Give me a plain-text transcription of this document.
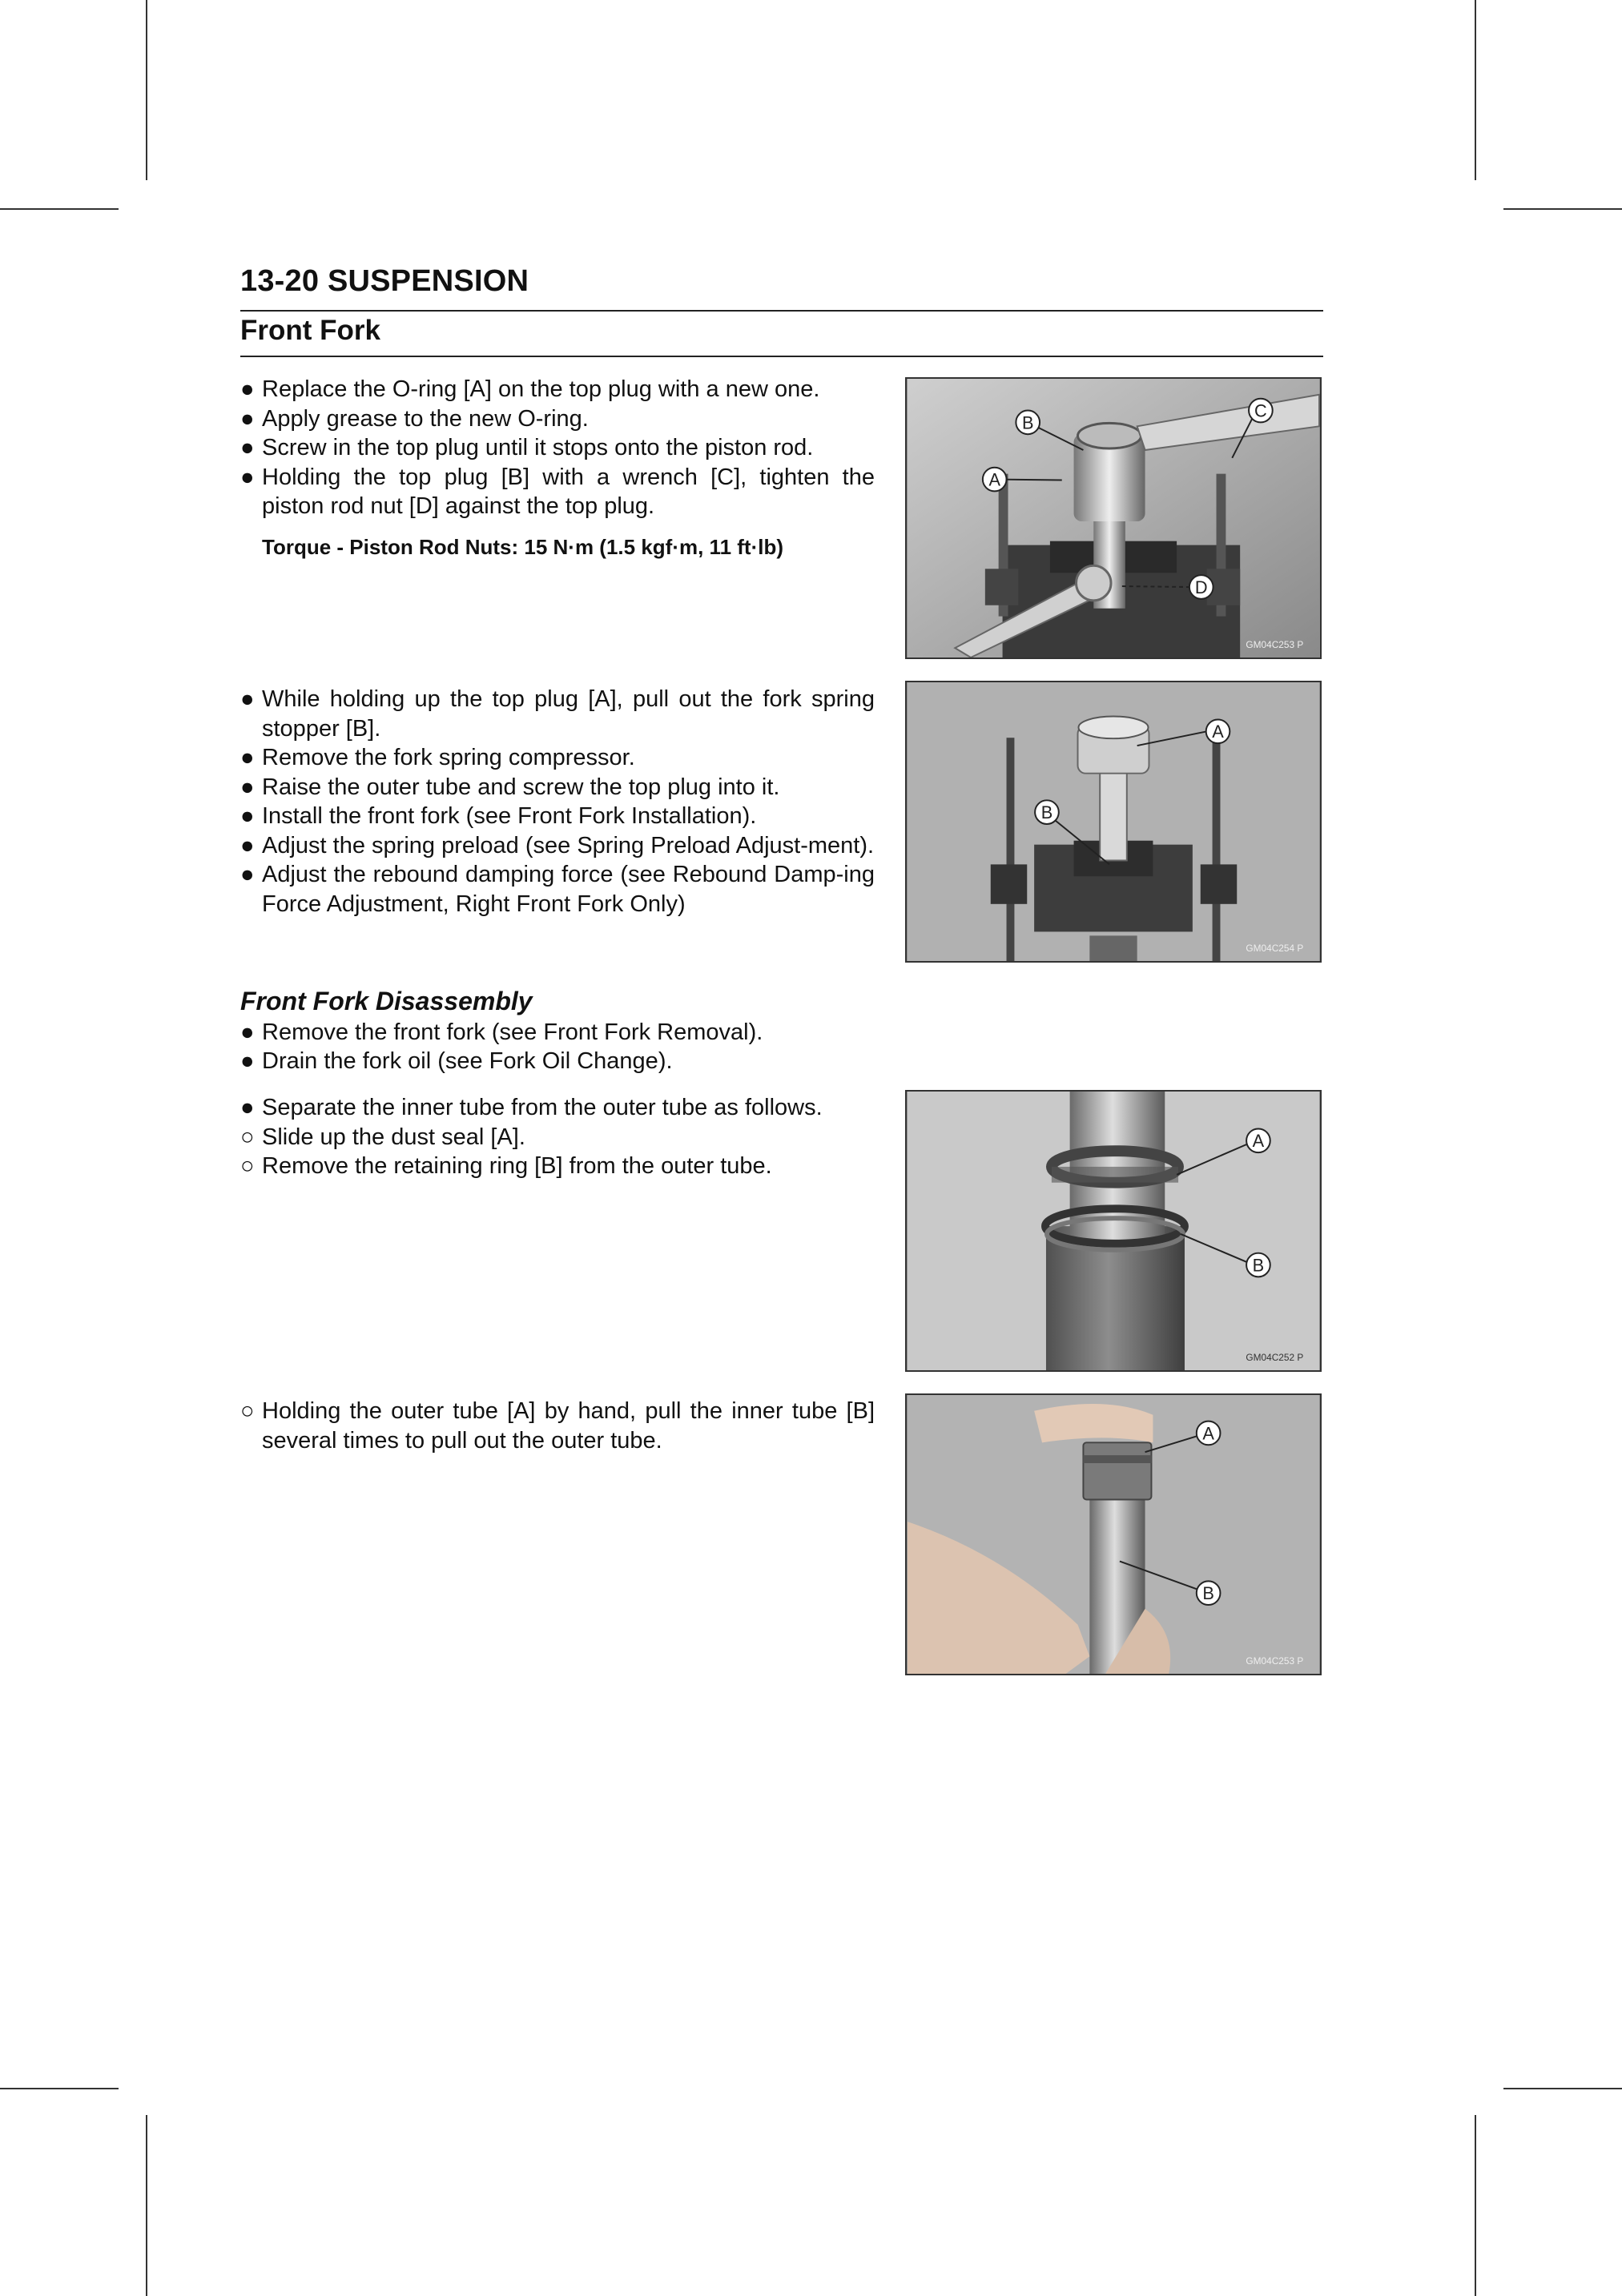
13-20 SUSPENSION
Front Fork
● Replace the O-ring [A] on the top plug with a new one.
● Apply grease to the new O-ring.
● Screw in the top plug until it stops onto the piston rod.
● Holding the top plug [B] with a wrench [C], tighten the piston rod nut [D] against the top plug.
Torque - Piston Rod Nuts: 15 N·m (1.5 kgf·m, 11 ft·lb)
● While holding up the top plug [A], pull out the fork spring stopper [B].
● Remove the fork spring compressor.
● Raise the outer tube and screw the top plug into it.
● Install the front fork (see Front Fork Installation).
● Adjust the spring preload (see Spring Preload Adjust-ment).
● Adjust the rebound damping force (see Rebound Damp-ing Force Adjustment, Right Front Fork Only)
Front Fork Disassembly
● Remove the front fork (see Front Fork Removal).
● Drain the fork oil (see Fork Oil Change).
● Separate the inner tube from the outer tube as follows.
○ Slide up the dust seal [A].
○ Remove the retaining ring [B] from the outer tube.
○ Holding the outer tube [A] by hand, pull the inner tube [B] several times to pull out the outer tube.
A
B
C
D
GM04C253 P
A
B
GM04C254 P
A
B
GM04C252 P
A
B
GM04C253 P
